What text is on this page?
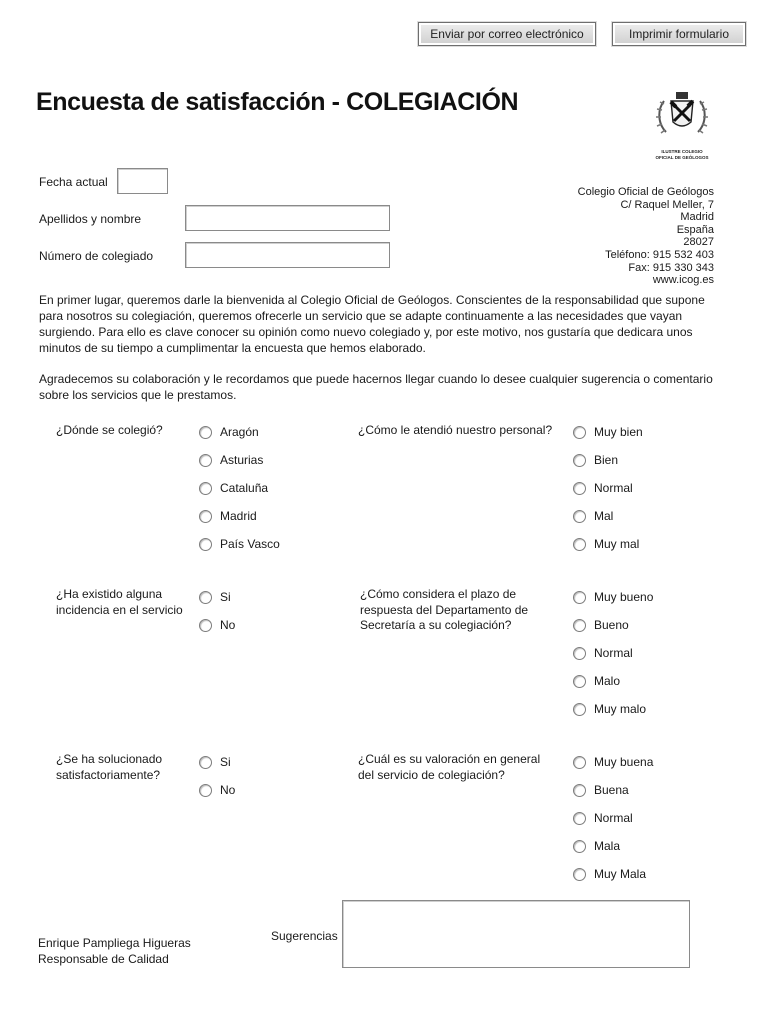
Enviar por correo electrónico	Imprimir formulario
Encuesta de satisfacción - COLEGIACIÓN
ILUSTRE COLEGIO
OFICIAL DE GEÓLOGOS
Fecha actual
Apellidos y nombre
Número de colegiado
Colegio Oficial de Geólogos
C/ Raquel Meller, 7
Madrid
España
28027
Teléfono: 915 532 403
Fax: 915 330 343
www.icog.es

En primer lugar, queremos darle la bienvenida al Colegio Oficial de Geólogos. Conscientes de la responsabilidad que supone para nosotros su colegiación, queremos ofrecerle un servicio que se adapte continuamente a las necesidades que vayan surgiendo. Para ello es clave conocer su opinión como nuevo colegiado y, por este motivo, nos gustaría que dedicara unos minutos de su tiempo a cumplimentar la encuesta que hemos elaborado.

Agradecemos su colaboración y le recordamos que puede hacernos llegar cuando lo desee cualquier sugerencia o comentario sobre los servicios que le prestamos.

¿Dónde se colegió?	Aragón
Asturias
Cataluña
Madrid
País Vasco
¿Cómo le atendió nuestro personal?	Muy bien
Bien
Normal
Mal
Muy mal
¿Ha existido alguna
incidencia en el servicio
Si
No
¿Cómo considera el plazo de
respuesta del Departamento de
Secretaría a su colegiación?
Muy bueno
Bueno
Normal
Malo
Muy malo
¿Se ha solucionado
satisfactoriamente?
Si
No
¿Cuál es su valoración en general
del servicio de colegiación?
Muy buena
Buena
Normal
Mala
Muy Mala
Sugerencias
Enrique Pampliega Higueras
Responsable de Calidad
